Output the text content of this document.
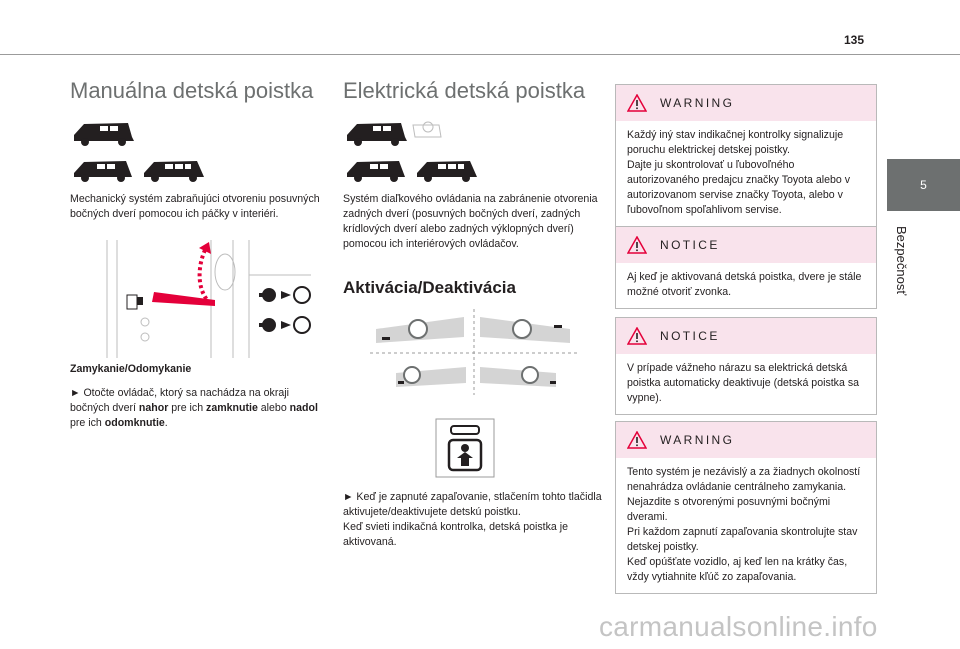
135
5
Bezpečnosť
Manuálna detská poistka
Mechanický systém zabraňujúci otvoreniu posuvných bočných dverí pomocou ich páčky v interiéri.
Zamykanie/Odomykanie
► Otočte ovládač, ktorý sa nachádza na okraji bočných dverí nahor pre ich zamknutie alebo nadol pre ich odomknutie.
Elektrická detská poistka
Systém diaľkového ovládania na zabránenie otvorenia zadných dverí (posuvných bočných dverí, zadných krídlových dverí alebo zadných výklopných dverí) pomocou ich interiérových ovládačov.
Aktivácia/Deaktivácia
► Keď je zapnuté zapaľovanie, stlačením tohto tlačidla aktivujete/deaktivujete detskú poistku.
Keď svieti indikačná kontrolka, detská poistka je aktivovaná.
WARNING
Každý iný stav indikačnej kontrolky signalizuje poruchu elektrickej detskej poistky.
Dajte ju skontrolovať u ľubovoľného autorizovaného predajcu značky Toyota alebo v autorizovanom servise značky Toyota, alebo v ľubovoľnom spoľahlivom servise.
NOTICE
Aj keď je aktivovaná detská poistka, dvere je stále možné otvoriť zvonka.
NOTICE
V prípade vážneho nárazu sa elektrická detská poistka automaticky deaktivuje (detská poistka sa vypne).
WARNING
Tento systém je nezávislý a za žiadnych okolností nenahrádza ovládanie centrálneho zamykania.
Nejazdite s otvorenými posuvnými bočnými dverami.
Pri každom zapnutí zapaľovania skontrolujte stav detskej poistky.
Keď opúšťate vozidlo, aj keď len na krátky čas, vždy vytiahnite kľúč zo zapaľovania.
carmanualsonline.info
